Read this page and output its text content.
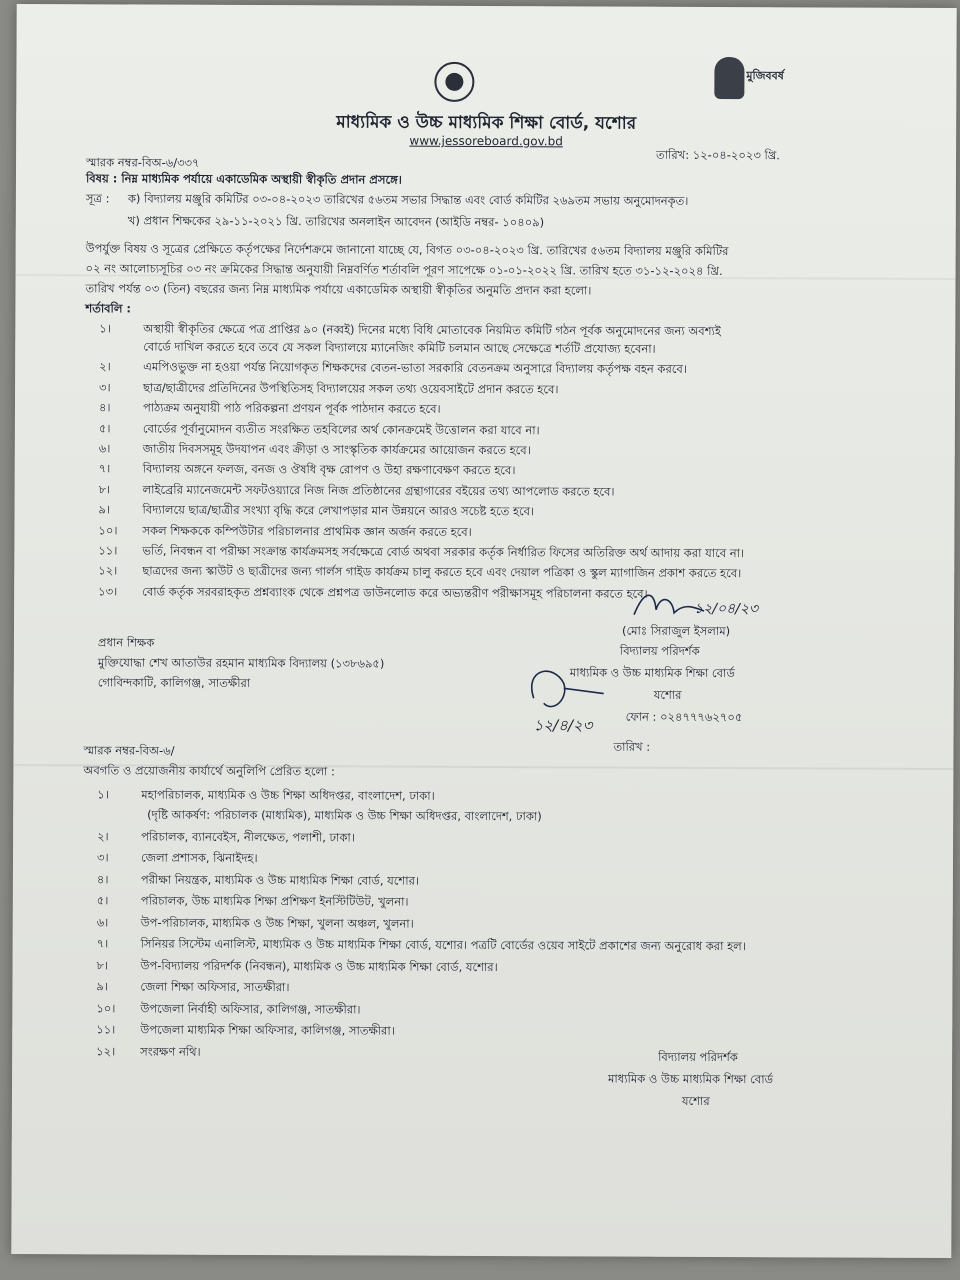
মুজিববর্ষ
মাধ্যমিক ও উচ্চ মাধ্যমিক শিক্ষা বোর্ড, যশোর
www.jessoreboard.gov.bd
স্মারক নম্বর-বিঅ-৬/৩৩৭
তারিখ: ১২-০৪-২০২৩ খ্রি.
বিষয় : নিম্ন মাধ্যমিক পর্যায়ে একাডেমিক অস্থায়ী স্বীকৃতি প্রদান প্রসঙ্গে।
সূত্র : ক) বিদ্যালয় মঞ্জুরি কমিটির ০৩-০৪-২০২৩ তারিখের ৫৬তম সভার সিদ্ধান্ত এবং বোর্ড কমিটির ২৬৯তম সভায় অনুমোদনকৃত।
খ) প্রধান শিক্ষকের ২৯-১১-২০২১ খ্রি. তারিখের অনলাইন আবেদন (আইডি নম্বর- ১০৪০৯)
উপর্যুক্ত বিষয় ও সূত্রের প্রেক্ষিতে কর্তৃপক্ষের নির্দেশক্রমে জানানো যাচ্ছে যে, বিগত ০৩-০৪-২০২৩ খ্রি. তারিখের ৫৬তম বিদ্যালয় মঞ্জুরি কমিটির
০২ নং আলোচ্যসূচির ০৩ নং ক্রমিকের সিদ্ধান্ত অনুযায়ী নিম্নবর্ণিত শর্তাবলি পূরণ সাপেক্ষে ০১-০১-২০২২ খ্রি. তারিখ হতে ৩১-১২-২০২৪ খ্রি.
তারিখ পর্যন্ত ০৩ (তিন) বছরের জন্য নিম্ন মাধ্যমিক পর্যায়ে একাডেমিক অস্থায়ী স্বীকৃতির অনুমতি প্রদান করা হলো।
শর্তাবলি :
১।	অস্থায়ী স্বীকৃতির ক্ষেত্রে পত্র প্রাপ্তির ৯০ (নব্বই) দিনের মধ্যে বিধি মোতাবেক নিয়মিত কমিটি গঠন পূর্বক অনুমোদনের জন্য অবশ্যই
বোর্ডে দাখিল করতে হবে তবে যে সকল বিদ্যালয়ে ম্যানেজিং কমিটি চলমান আছে সেক্ষেত্রে শর্তটি প্রযোজ্য হবেনা।
২।	এমপিওভুক্ত না হওয়া পর্যন্ত নিয়োগকৃত শিক্ষকদের বেতন-ভাতা সরকারি বেতনক্রম অনুসারে বিদ্যালয় কর্তৃপক্ষ বহন করবে।
৩।	ছাত্র/ছাত্রীদের প্রতিদিনের উপস্থিতিসহ বিদ্যালয়ের সকল তথ্য ওয়েবসাইটে প্রদান করতে হবে।
৪।	পাঠ্যক্রম অনুযায়ী পাঠ পরিকল্পনা প্রণয়ন পূর্বক পাঠদান করতে হবে।
৫।	বোর্ডের পূর্বানুমোদন ব্যতীত সংরক্ষিত তহবিলের অর্থ কোনক্রমেই উত্তোলন করা যাবে না।
৬।	জাতীয় দিবসসমূহ উদযাপন এবং ক্রীড়া ও সাংস্কৃতিক কার্যক্রমের আয়োজন করতে হবে।
৭।	বিদ্যালয় অঙ্গনে ফলজ, বনজ ও ঔষধি বৃক্ষ রোপণ ও উহা রক্ষণাবেক্ষণ করতে হবে।
৮।	লাইব্রেরি ম্যানেজমেন্ট সফটওয়্যারে নিজ নিজ প্রতিষ্ঠানের গ্রন্থাগারের বইয়ের তথ্য আপলোড করতে হবে।
৯।	বিদ্যালয়ে ছাত্র/ছাত্রীর সংখ্যা বৃদ্ধি করে লেখাপড়ার মান উন্নয়নে আরও সচেষ্ট হতে হবে।
১০।	সকল শিক্ষককে কম্পিউটার পরিচালনার প্রাথমিক জ্ঞান অর্জন করতে হবে।
১১।	ভর্তি, নিবন্ধন বা পরীক্ষা সংক্রান্ত কার্যক্রমসহ সর্বক্ষেত্রে বোর্ড অথবা সরকার কর্তৃক নির্ধারিত ফিসের অতিরিক্ত অর্থ আদায় করা যাবে না।
১২।	ছাত্রদের জন্য স্কাউট ও ছাত্রীদের জন্য গার্লস গাইড কার্যক্রম চালু করতে হবে এবং দেয়াল পত্রিকা ও স্কুল ম্যাগাজিন প্রকাশ করতে হবে।
১৩।	বোর্ড কর্তৃক সরবরাহকৃত প্রশ্নব্যাংক থেকে প্রশ্নপত্র ডাউনলোড করে অভ্যন্তরীণ পরীক্ষাসমূহ পরিচালনা করতে হবে।
১২/০৪/২৩
(মোঃ সিরাজুল ইসলাম)
বিদ্যালয় পরিদর্শক
মাধ্যমিক ও উচ্চ মাধ্যমিক শিক্ষা বোর্ড
যশোর
ফোন : ০২৪৭৭৭৬২৭০৫
প্রধান শিক্ষক
মুক্তিযোদ্ধা শেখ আতাউর রহমান মাধ্যমিক বিদ্যালয় (১৩৮৬৯৫)
গোবিন্দকাটি, কালিগঞ্জ, সাতক্ষীরা
১২/৪/২৩
স্মারক নম্বর-বিঅ-৬/	তারিখ :
অবগতি ও প্রয়োজনীয় কার্যার্থে অনুলিপি প্রেরিত হলো :
১।	মহাপরিচালক, মাধ্যমিক ও উচ্চ শিক্ষা অধিদপ্তর, বাংলাদেশ, ঢাকা।
(দৃষ্টি আকর্ষণ: পরিচালক (মাধ্যমিক), মাধ্যমিক ও উচ্চ শিক্ষা অধিদপ্তর, বাংলাদেশ, ঢাকা)
২।	পরিচালক, ব্যানবেইস, নীলক্ষেত, পলাশী, ঢাকা।
৩।	জেলা প্রশাসক, ঝিনাইদহ।
৪।	পরীক্ষা নিয়ন্ত্রক, মাধ্যমিক ও উচ্চ মাধ্যমিক শিক্ষা বোর্ড, যশোর।
৫।	পরিচালক, উচ্চ মাধ্যমিক শিক্ষা প্রশিক্ষণ ইনস্টিটিউট, খুলনা।
৬।	উপ-পরিচালক, মাধ্যমিক ও উচ্চ শিক্ষা, খুলনা অঞ্চল, খুলনা।
৭।	সিনিয়র সিস্টেম এনালিস্ট, মাধ্যমিক ও উচ্চ মাধ্যমিক শিক্ষা বোর্ড, যশোর। পত্রটি বোর্ডের ওয়েব সাইটে প্রকাশের জন্য অনুরোধ করা হল।
৮।	উপ-বিদ্যালয় পরিদর্শক (নিবন্ধন), মাধ্যমিক ও উচ্চ মাধ্যমিক শিক্ষা বোর্ড, যশোর।
৯।	জেলা শিক্ষা অফিসার, সাতক্ষীরা।
১০।	উপজেলা নির্বাহী অফিসার, কালিগঞ্জ, সাতক্ষীরা।
১১।	উপজেলা মাধ্যমিক শিক্ষা অফিসার, কালিগঞ্জ, সাতক্ষীরা।
১২।	সংরক্ষণ নথি।	বিদ্যালয় পরিদর্শক
মাধ্যমিক ও উচ্চ মাধ্যমিক শিক্ষা বোর্ড
যশোর
